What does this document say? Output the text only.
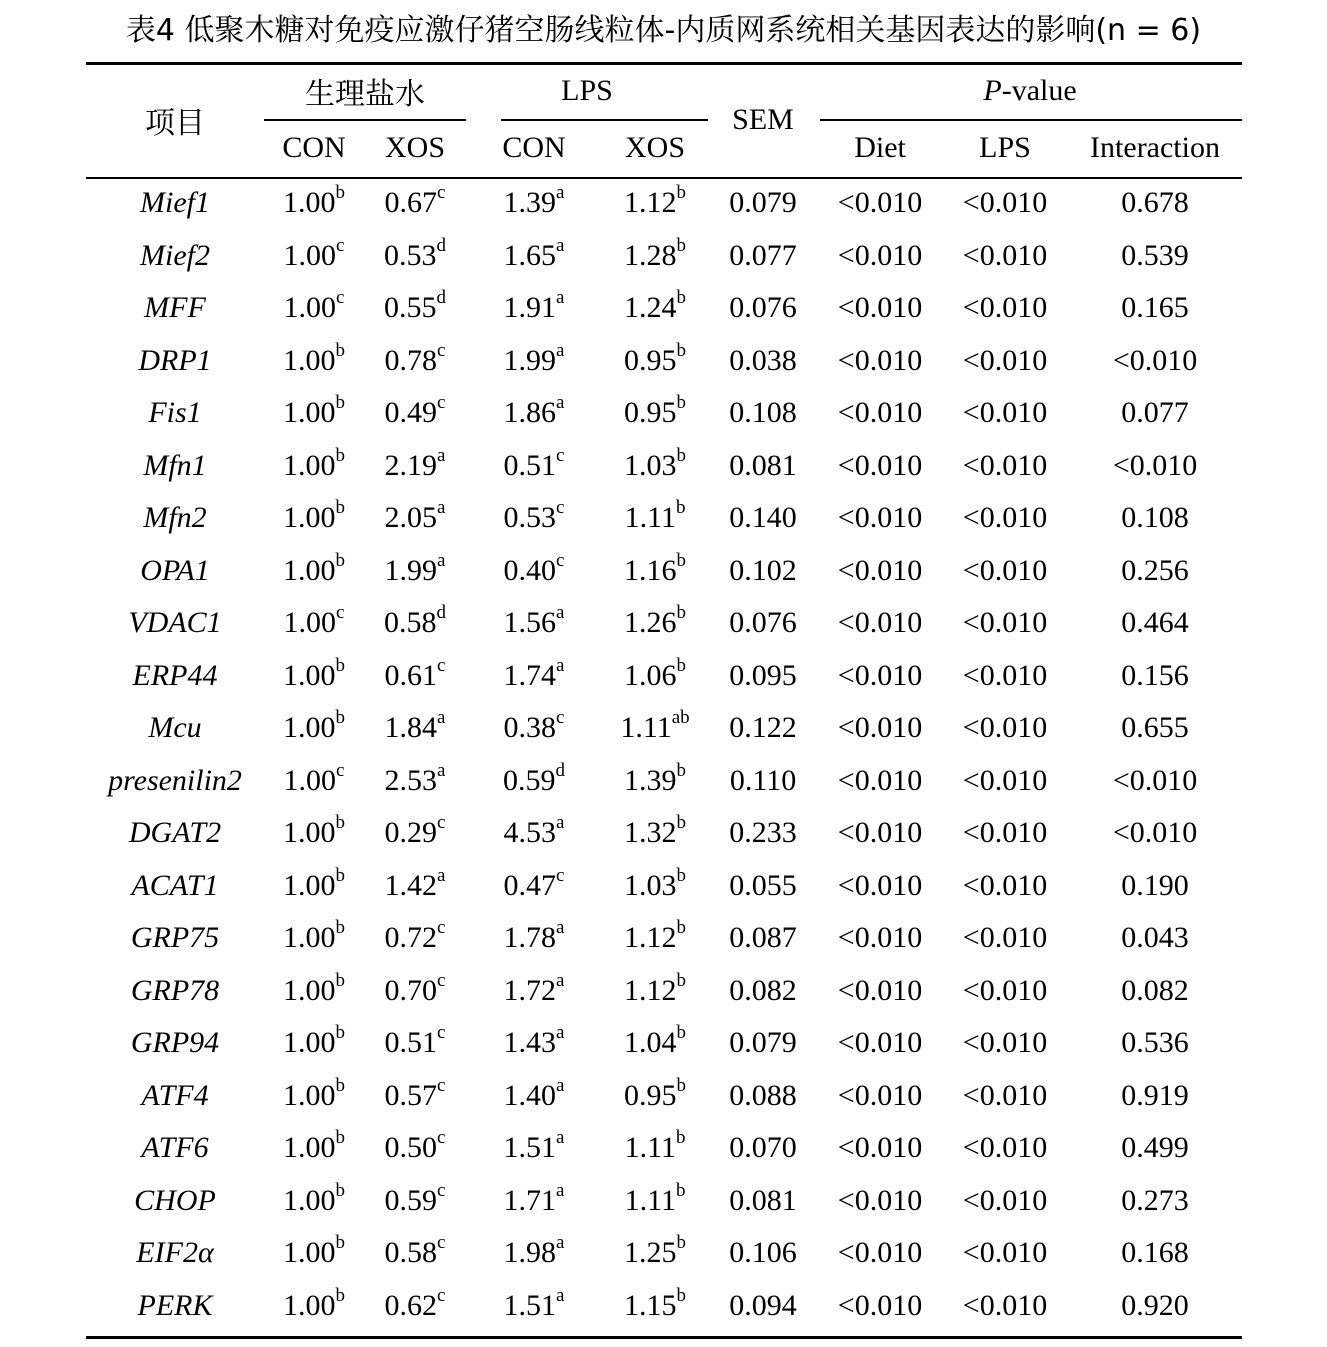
表4 低聚木糖对免疫应激仔猪空肠线粒体-内质网系统相关基因表达的影响(n = 6)
项目	生理盐水		LPS		SEM	P-value		
	CON	XOS	CON	XOS		Diet	LPS	Interaction
Mief1	1.00$^b$	0.67$^c$	1.39$^a$	1.12$^b$	0.079	<0.010	<0.010	0.678
Mief2	1.00$^c$	0.53$^d$	1.65$^a$	1.28$^b$	0.077	<0.010	<0.010	0.539
MFF	1.00$^c$	0.55$^d$	1.91$^a$	1.24$^b$	0.076	<0.010	<0.010	0.165
DRP1	1.00$^b$	0.78$^c$	1.99$^a$	0.95$^b$	0.038	<0.010	<0.010	<0.010
Fis1	1.00$^b$	0.49$^c$	1.86$^a$	0.95$^b$	0.108	<0.010	<0.010	0.077
Mfn1	1.00$^b$	2.19$^a$	0.51$^c$	1.03$^b$	0.081	<0.010	<0.010	<0.010
Mfn2	1.00$^b$	2.05$^a$	0.53$^c$	1.11$^b$	0.140	<0.010	<0.010	0.108
OPA1	1.00$^b$	1.99$^a$	0.40$^c$	1.16$^b$	0.102	<0.010	<0.010	0.256
VDAC1	1.00$^c$	0.58$^d$	1.56$^a$	1.26$^b$	0.076	<0.010	<0.010	0.464
ERP44	1.00$^b$	0.61$^c$	1.74$^a$	1.06$^b$	0.095	<0.010	<0.010	0.156
Mcu	1.00$^b$	1.84$^a$	0.38$^c$	1.11$^{ab}$	0.122	<0.010	<0.010	0.655
presenilin2	1.00$^c$	2.53$^a$	0.59$^d$	1.39$^b$	0.110	<0.010	<0.010	<0.010
DGAT2	1.00$^b$	0.29$^c$	4.53$^a$	1.32$^b$	0.233	<0.010	<0.010	<0.010
ACAT1	1.00$^b$	1.42$^a$	0.47$^c$	1.03$^b$	0.055	<0.010	<0.010	0.190
GRP75	1.00$^b$	0.72$^c$	1.78$^a$	1.12$^b$	0.087	<0.010	<0.010	0.043
GRP78	1.00$^b$	0.70$^c$	1.72$^a$	1.12$^b$	0.082	<0.010	<0.010	0.082
GRP94	1.00$^b$	0.51$^c$	1.43$^a$	1.04$^b$	0.079	<0.010	<0.010	0.536
ATF4	1.00$^b$	0.57$^c$	1.40$^a$	0.95$^b$	0.088	<0.010	<0.010	0.919
ATF6	1.00$^b$	0.50$^c$	1.51$^a$	1.11$^b$	0.070	<0.010	<0.010	0.499
CHOP	1.00$^b$	0.59$^c$	1.71$^a$	1.11$^b$	0.081	<0.010	<0.010	0.273
EIF2α	1.00$^b$	0.58$^c$	1.98$^a$	1.25$^b$	0.106	<0.010	<0.010	0.168
PERK	1.00$^b$	0.62$^c$	1.51$^a$	1.15$^b$	0.094	<0.010	<0.010	0.920
